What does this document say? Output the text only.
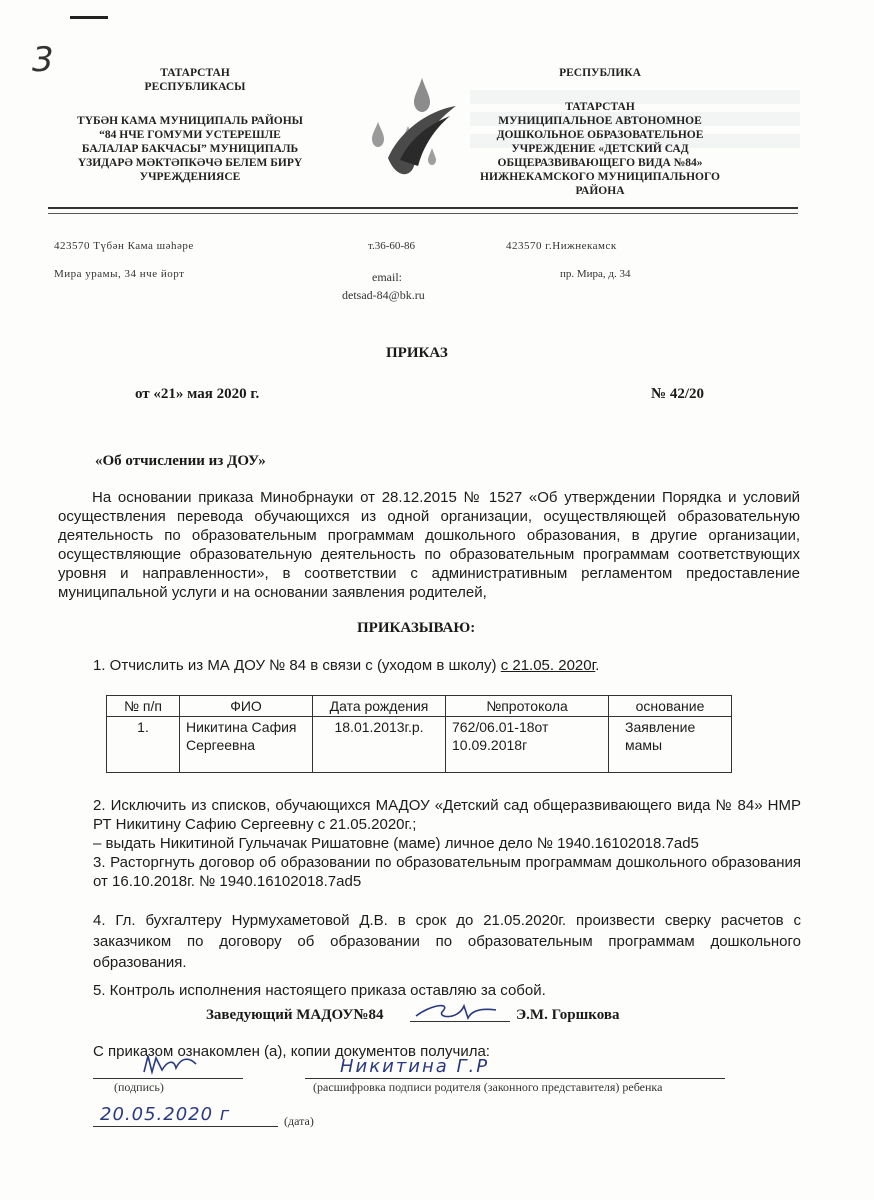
3	ТАТАРСТАН
РЕСПУБЛИКАСЫ
ТҮБӘН КАМА МУНИЦИПАЛЬ РАЙОНЫ
“84 НЧЕ ГОМУМИ УСТЕРЕШЛЕ
БАЛАЛАР БАКЧАСЫ” МУНИЦИПАЛЬ
ҮЗИДАРӘ МӘКТӘПКӘЧӘ БЕЛЕМ БИРҮ
УЧРЕҖДЕНИЯСЕ
РЕСПУБЛИКА
ТАТАРСТАН
МУНИЦИПАЛЬНОЕ АВТОНОМНОЕ
ДОШКОЛЬНОЕ ОБРАЗОВАТЕЛЬНОЕ
УЧРЕЖДЕНИЕ «ДЕТСКИЙ САД
ОБЩЕРАЗВИВАЮЩЕГО ВИДА №84»
НИЖНЕКАМСКОГО МУНИЦИПАЛЬНОГО
РАЙОНА
423570 Түбән Кама шәһәре
Мира урамы, 34 нче йорт
т.36-60-86
email:
detsad-84@bk.ru
423570 г.Нижнекамск
пр. Мира, д. 34
ПРИКАЗ
от «21» мая 2020 г.	№ 42/20
«Об отчислении из ДОУ»
На основании приказа Минобрнауки от 28.12.2015 № 1527 «Об утверждении Порядка и условий осуществления перевода обучающихся из одной организации, осуществляющей образовательную деятельность по образовательным программам дошкольного образования, в другие организации, осуществляющие образовательную деятельность по образовательным программам соответствующих уровня и направленности», в соответствии с административным регламентом предоставление муниципальной услуги и на основании заявления родителей,
ПРИКАЗЫВАЮ:
1. Отчислить из МА ДОУ № 84 в связи с (уходом в школу) с 21.05. 2020г.
№ п/п	ФИО	Дата рождения	№протокола	основание
1.	Никитина Сафия Сергеевна	18.01.2013г.р.	762/06.01-18от 10.09.2018г	Заявление мамы
2. Исключить из списков, обучающихся МАДОУ «Детский сад общеразвивающего вида № 84» НМР РТ Никитину Сафию Сергеевну с 21.05.2020г.;
– выдать Никитиной Гульчачак Ришатовне (маме) личное дело № 1940.16102018.7ad5
3. Расторгнуть договор об образовании по образовательным программам дошкольного образования от 16.10.2018г. № 1940.16102018.7ad5
4. Гл. бухгалтеру Нурмухаметовой Д.В. в срок до 21.05.2020г. произвести сверку расчетов с заказчиком по договору об образовании по образовательным программам дошкольного образования.
5. Контроль исполнения настоящего приказа оставляю за собой.
Заведующий МАДОУ№84	Э.М. Горшкова
С приказом ознакомлен (а), копии документов получила:
Никитина Г.Р
(подпись)	(расшифровка подписи родителя (законного представителя) ребенка
20.05.2020 г	(дата)
